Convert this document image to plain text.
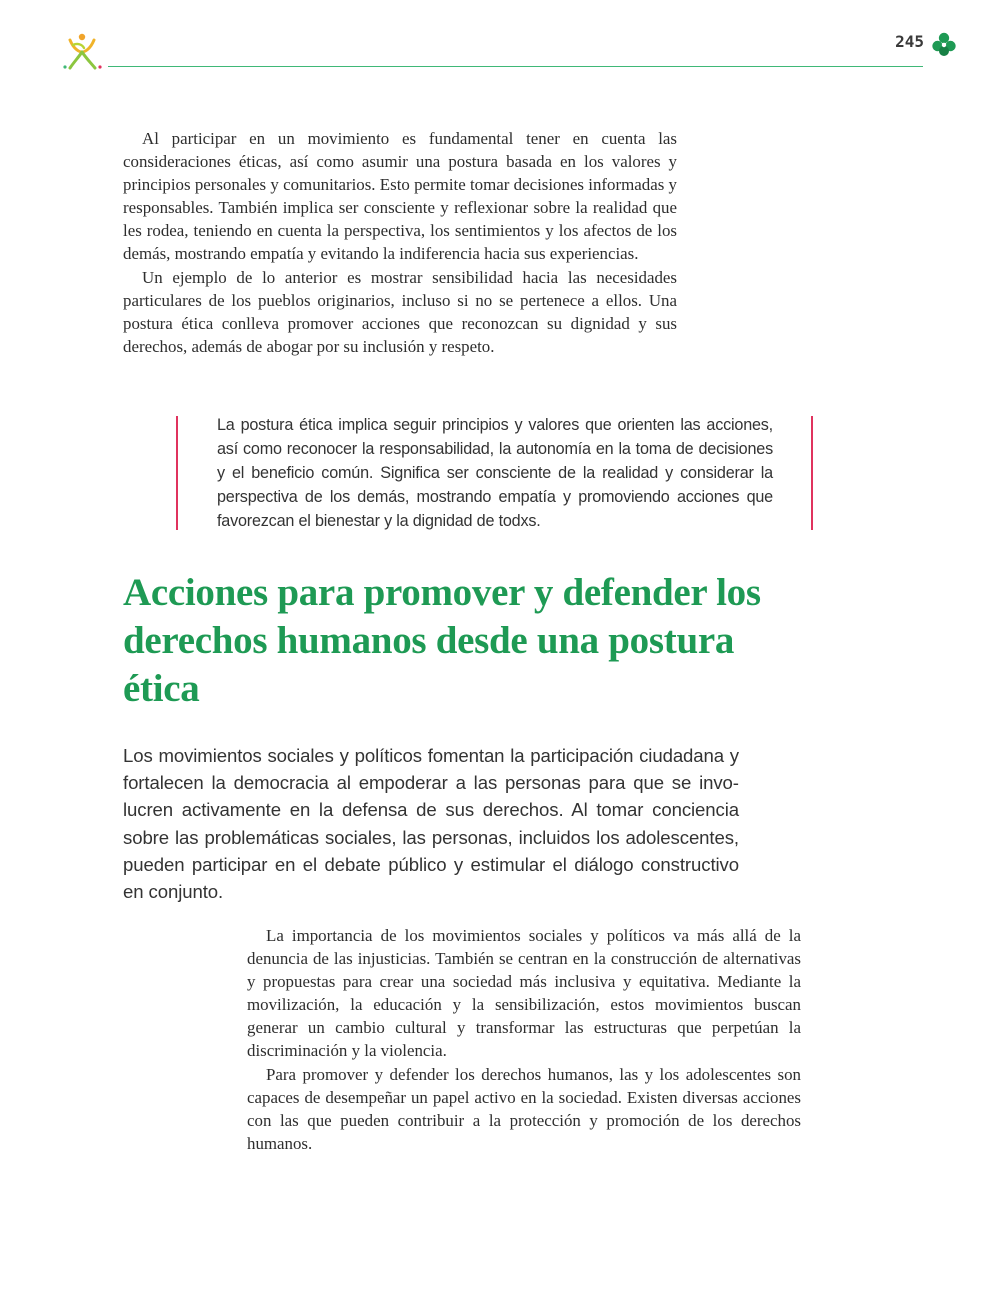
245

Al participar en un movimiento es fundamental tener en cuenta las consideraciones éticas, así como asumir una postura basada en los valores y principios personales y comunitarios. Esto permite tomar decisiones informadas y responsables. También implica ser consciente y reflexionar sobre la realidad que les rodea, teniendo en cuenta la perspectiva, los sentimientos y los afectos de los demás, mostrando empatía y evitando la indiferencia hacia sus experiencias.

Un ejemplo de lo anterior es mostrar sensibilidad hacia las necesidades particulares de los pueblos originarios, incluso si no se pertenece a ellos. Una postura ética conlleva promover acciones que reconozcan su dignidad y sus derechos, además de abogar por su inclusión y respeto.

La postura ética implica seguir principios y valores que orienten las acciones, así como reconocer la responsabilidad, la autonomía en la toma de decisiones y el beneficio común. Significa ser consciente de la realidad y considerar la perspectiva de los demás, mostrando empatía y promoviendo acciones que favorezcan el bienestar y la dignidad de todxs.
Acciones para promover y defender los derechos humanos desde una postura ética

Los movimientos sociales y políticos fomentan la participación ciudadana y fortalecen la democracia al empoderar a las personas para que se involucren activamente en la defensa de sus derechos. Al tomar conciencia sobre las problemáticas sociales, las personas, incluidos los adolescentes, pueden participar en el debate público y estimular el diálogo constructivo en conjunto.

La importancia de los movimientos sociales y políticos va más allá de la denuncia de las injusticias. También se centran en la construcción de alternativas y propuestas para crear una sociedad más inclusiva y equitativa. Mediante la movilización, la educación y la sensibilización, estos movimientos buscan generar un cambio cultural y transformar las estructuras que perpetúan la discriminación y la violencia.

Para promover y defender los derechos humanos, las y los adolescentes son capaces de desempeñar un papel activo en la sociedad. Existen diversas acciones con las que pueden contribuir a la protección y promoción de los derechos humanos.
